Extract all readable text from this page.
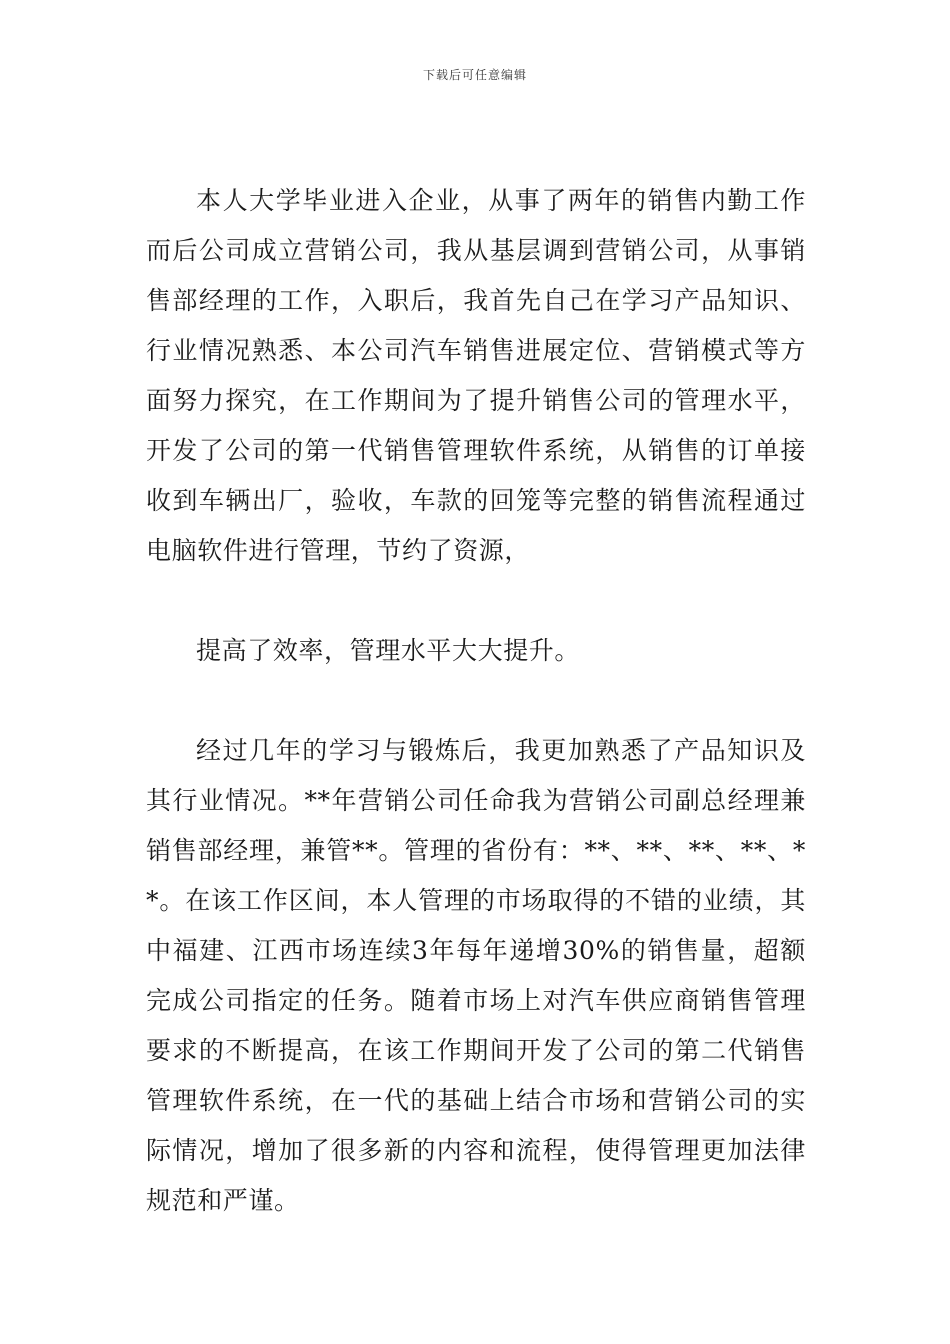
下载后可任意编辑

本人大学毕业进入企业，从事了两年的销售内勤工作而后公司成立营销公司，我从基层调到营销公司，从事销售部经理的工作，入职后，我首先自己在学习产品知识、行业情况熟悉、本公司汽车销售进展定位、营销模式等方面努力探究，在工作期间为了提升销售公司的管理水平，开发了公司的第一代销售管理软件系统，从销售的订单接收到车辆出厂，验收，车款的回笼等完整的销售流程通过电脑软件进行管理，节约了资源，

提高了效率，管理水平大大提升。

经过几年的学习与锻炼后，我更加熟悉了产品知识及其行业情况。**年营销公司任命我为营销公司副总经理兼销售部经理，兼管**。管理的省份有：**、**、**、**、**。在该工作区间，本人管理的市场取得的不错的业绩，其中福建、江西市场连续3年每年递增30%的销售量，超额完成公司指定的任务。随着市场上对汽车供应商销售管理要求的不断提高，在该工作期间开发了公司的第二代销售管理软件系统，在一代的基础上结合市场和营销公司的实际情况，增加了很多新的内容和流程，使得管理更加法律规范和严谨。
